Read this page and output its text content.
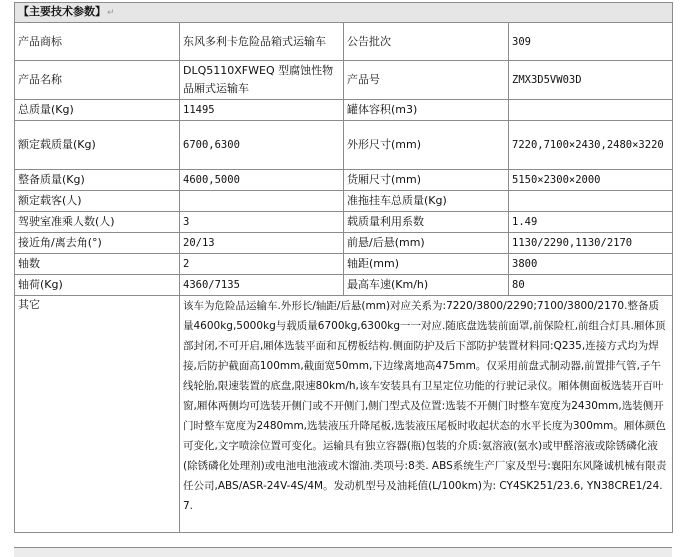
【主要技术参数】↵			
产品商标	东风多利卡危险品箱式运输车	公告批次	309
产品名称	DLQ5110XFWEQ 型腐蚀性物品厢式运输车	产品号	ZMX3D5VW03D
总质量(Kg)	11495	罐体容积(m3)	
额定载质量(Kg)	6700,6300	外形尺寸(mm)	7220,7100×2430,2480×3220
整备质量(Kg)	4600,5000	货厢尺寸(mm)	5150×2300×2000
额定载客(人)		准拖挂车总质量(Kg)	
驾驶室准乘人数(人)	3	载质量利用系数	1.49
接近角/离去角(°)	20/13	前悬/后悬(mm)	1130/2290,1130/2170
轴数	2	轴距(mm)	3800
轴荷(Kg)	4360/7135	最高车速(Km/h)	80
其它	该车为危险品运输车.外形长/轴距/后悬(mm)对应关系为:7220/3800/2290;7100/3800/2170.整备质量4600kg,5000kg与载质量6700kg,6300kg一一对应.随底盘选装前面罩,前保险杠,前组合灯具.厢体顶部封闭,不可开启,厢体选装平面和瓦楞板结构.侧面防护及后下部防护装置材料同:Q235,连接方式均为焊接,后防护截面高100mm,截面宽50mm,下边缘离地高475mm。仅采用前盘式制动器,前置排气管,子午线轮胎,限速装置的底盘,限速80km/h,该车安装具有卫星定位功能的行驶记录仪。厢体侧面板选装开百叶窗,厢体两侧均可选装开侧门或不开侧门,侧门型式及位置:选装不开侧门时整车宽度为2430mm,选装侧开门时整车宽度为2480mm,选装液压升降尾板,选装液压尾板时收起状态的水平长度为300mm。厢体颜色可变化,文字喷涂位置可变化。运输具有独立容器(瓶)包装的介质:氨溶液(氨水)或甲醛溶液或除锈磷化液(除锈磷化处理剂)或电池电池液或木馏油.类项号:8类. ABS系统生产厂家及型号:襄阳东风隆诚机械有限责任公司,ABS/ASR-24V-4S/4M。发动机型号及油耗值(L/100km)为: CY4SK251/23.6, YN38CRE1/24.7.		
